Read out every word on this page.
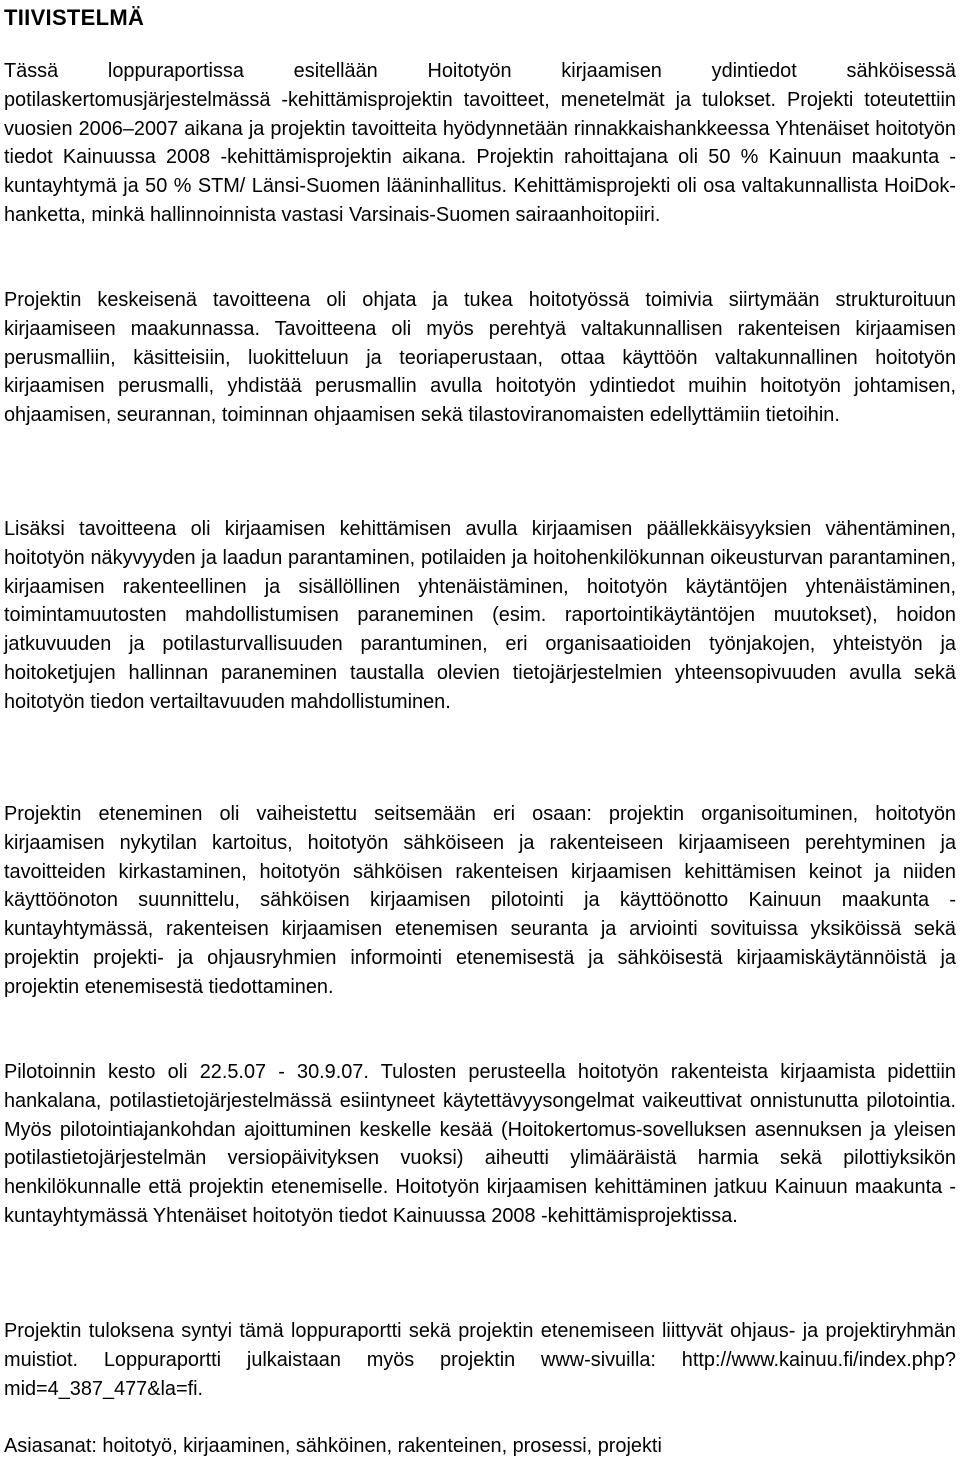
TIIVISTELMÄ

Tässä loppuraportissa esitellään Hoitotyön kirjaamisen ydintiedot sähköisessä potilaskertomusjärjestelmässä -kehittämisprojektin tavoitteet, menetelmät ja tulokset. Projekti toteutettiin vuosien 2006–2007 aikana ja projektin tavoitteita hyödynnetään rinnakkaishankkeessa Yhtenäiset hoitotyön tiedot Kainuussa 2008 -kehittämisprojektin aikana. Projektin rahoittajana oli 50 % Kainuun maakunta -kuntayhtymä ja 50 % STM/ Länsi-Suomen lääninhallitus. Kehittämisprojekti oli osa valtakunnallista HoiDok-hanketta, minkä hallinnoinnista vastasi Varsinais-Suomen sairaanhoitopiiri.

Projektin keskeisenä tavoitteena oli ohjata ja tukea hoitotyössä toimivia siirtymään strukturoituun kirjaamiseen maakunnassa. Tavoitteena oli myös perehtyä valtakunnallisen rakenteisen kirjaamisen perusmalliin, käsitteisiin, luokitteluun ja teoriaperustaan, ottaa käyttöön valtakunnallinen hoitotyön kirjaamisen perusmalli, yhdistää perusmallin avulla hoitotyön ydintiedot muihin hoitotyön johtamisen, ohjaamisen, seurannan, toiminnan ohjaamisen sekä tilastoviranomaisten edellyttämiin tietoihin.

Lisäksi tavoitteena oli kirjaamisen kehittämisen avulla kirjaamisen päällekkäisyyksien vähentäminen, hoitotyön näkyvyyden ja laadun parantaminen, potilaiden ja hoitohenkilökunnan oikeusturvan parantaminen, kirjaamisen rakenteellinen ja sisällöllinen yhtenäistäminen, hoitotyön käytäntöjen yhtenäistäminen, toimintamuutosten mahdollistumisen paraneminen (esim. raportointikäytäntöjen muutokset), hoidon jatkuvuuden ja potilasturvallisuuden parantuminen, eri organisaatioiden työnjakojen, yhteistyön ja hoitoketjujen hallinnan paraneminen taustalla olevien tietojärjestelmien yhteensopivuuden avulla sekä hoitotyön tiedon vertailtavuuden mahdollistuminen.

Projektin eteneminen oli vaiheistettu seitsemään eri osaan: projektin organisoituminen, hoitotyön kirjaamisen nykytilan kartoitus, hoitotyön sähköiseen ja rakenteiseen kirjaamiseen perehtyminen ja tavoitteiden kirkastaminen, hoitotyön sähköisen rakenteisen kirjaamisen kehittämisen keinot ja niiden käyttöönoton suunnittelu, sähköisen kirjaamisen pilotointi ja käyttöönotto Kainuun maakunta -kuntayhtymässä, rakenteisen kirjaamisen etenemisen seuranta ja arviointi sovituissa yksiköissä sekä projektin projekti- ja ohjausryhmien informointi etenemisestä ja sähköisestä kirjaamiskäytännöistä ja projektin etenemisestä tiedottaminen.

Pilotoinnin kesto oli 22.5.07 - 30.9.07. Tulosten perusteella hoitotyön rakenteista kirjaamista pidettiin hankalana, potilastietojärjestelmässä esiintyneet käytettävyysongelmat vaikeuttivat onnistunutta pilotointia. Myös pilotointiajankohdan ajoittuminen keskelle kesää (Hoitokertomus-sovelluksen asennuksen ja yleisen potilastietojärjestelmän versiopäivityksen vuoksi) aiheutti ylimääräistä harmia sekä pilottiyksikön henkilökunnalle että projektin etenemiselle. Hoitotyön kirjaamisen kehittäminen jatkuu Kainuun maakunta -kuntayhtymässä Yhtenäiset hoitotyön tiedot Kainuussa 2008 -kehittämisprojektissa.

Projektin tuloksena syntyi tämä loppuraportti sekä projektin etenemiseen liittyvät ohjaus- ja projektiryhmän muistiot. Loppuraportti julkaistaan myös projektin www-sivuilla: http://www.kainuu.fi/index.php?mid=4_387_477&la=fi.

Asiasanat: hoitotyö, kirjaaminen, sähköinen, rakenteinen, prosessi, projekti
